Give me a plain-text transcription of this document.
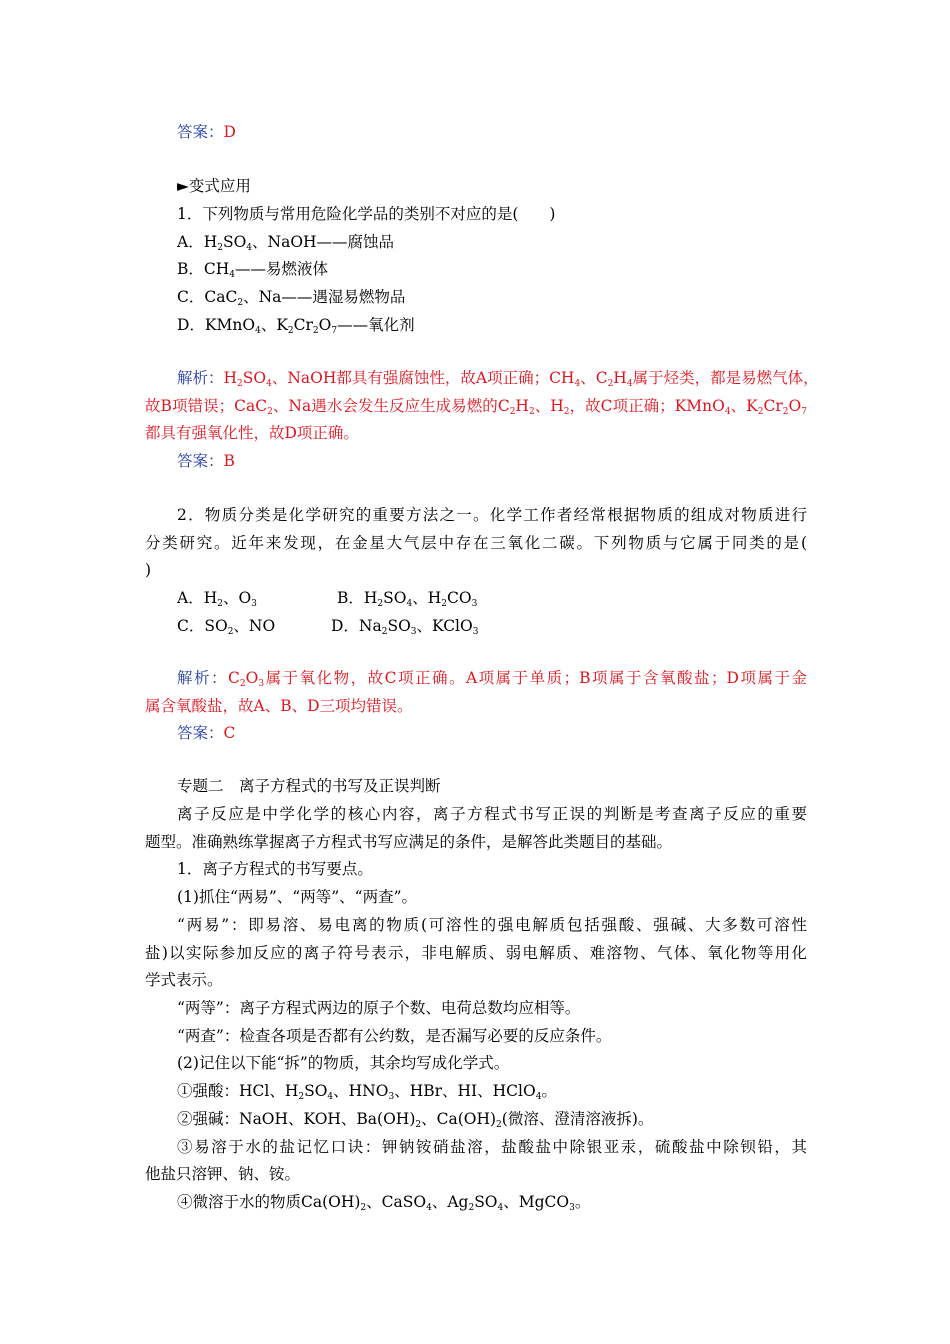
答案：D
►变式应用
1．下列物质与常用危险化学品的类别不对应的是(　　)
A．$H_2SO_4$、NaOH——腐蚀品
B．$CH_4——$易燃液体
C．CaC$_2$、Na——遇湿易燃物品
D．KMnO$_4$、$K_2Cr_2O_7——$氧化剂
解析：$H_2SO_4$、NaOH都具有强腐蚀性，故A项正确；$CH_4$、$C_2H_4$属于烃类，都是易燃气体，
故B项错误；CaC$_2$、Na遇水会发生反应生成易燃的$C_2H_2$、$H_2$，故C项正确；KMnO$_4$、$K_2Cr_2O_7$
都具有强氧化性，故D项正确。
答案：B
2．物质分类是化学研究的重要方法之一。化学工作者经常根据物质的组成对物质进行
分类研究。近年来发现，在金星大气层中存在三氧化二碳。下列物质与它属于同类的是(
)
A．$H_2$、$O_3$	B．$H_2SO_4$、$H_2CO_3$
C．$SO_2$、NO	D．$Na_2SO_3$、KClO$_3$
解析：$C_2O_3$属于氧化物，故C项正确。A项属于单质；B项属于含氧酸盐；D项属于金
属含氧酸盐，故A、B、D三项均错误。
答案：C
专题二　离子方程式的书写及正误判断
离子反应是中学化学的核心内容，离子方程式书写正误的判断是考查离子反应的重要
题型。准确熟练掌握离子方程式书写应满足的条件，是解答此类题目的基础。
1．离子方程式的书写要点。
(1)抓住“两易”、“两等”、“两查”。
“两易”：即易溶、易电离的物质(可溶性的强电解质包括强酸、强碱、大多数可溶性
盐)以实际参加反应的离子符号表示，非电解质、弱电解质、难溶物、气体、氧化物等用化
学式表示。
“两等”：离子方程式两边的原子个数、电荷总数均应相等。
“两查”：检查各项是否都有公约数，是否漏写必要的反应条件。
(2)记住以下能“拆”的物质，其余均写成化学式。
①强酸：HCl、$H_2SO_4$、$HNO_3$、HBr、HI、HClO$_4$。
②强碱：NaOH、KOH、$Ba(OH)_2$、$Ca(OH)_2$(微溶、澄清溶液拆)。
③易溶于水的盐记忆口诀：钾钠铵硝盐溶，盐酸盐中除银亚汞，硫酸盐中除钡铅，其
他盐只溶钾、钠、铵。
④微溶于水的物质$Ca(OH)_2$、CaSO$_4$、$Ag_2SO_4$、MgCO$_3$。
